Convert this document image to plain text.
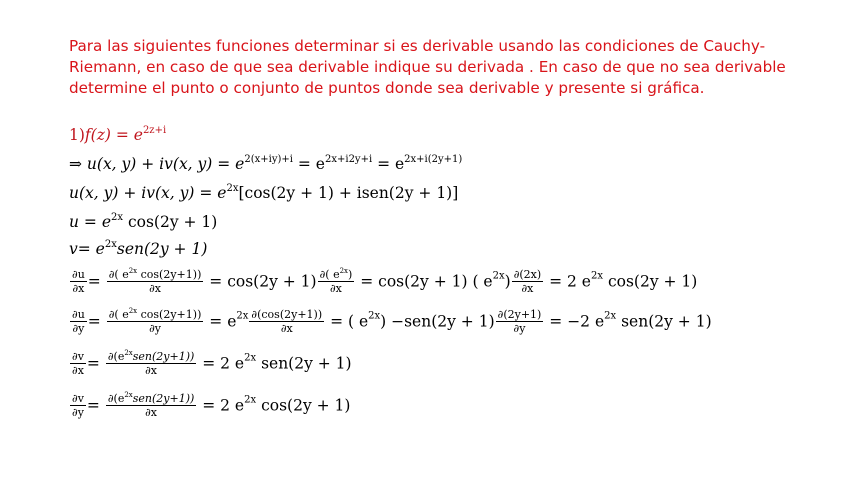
Para las siguientes funciones determinar si es derivable usando las condiciones de Cauchy-Riemann, en caso de que sea derivable indique su derivada . En caso de que no sea derivable determine el punto o conjunto de puntos donde sea derivable y presente si gráfica.

$1)f(z) = e^{2z+i}$
⇒ u(x, y) + iv(x, $y) = e^{2(x+iy)+i} = e^{2x+i2y+i} = e^{2x+i(2y+1)}$
u(x, y) + iv(x, $y) = e^{2x}[\cos(2y + 1)$ + isen(2y + 1)]
$u = e^{2x}$ cos(2y + 1)
$v= e^{2x}sen(2y + 1)$
$\frac{\partial u}{\partial x} = \frac{\partial( e^{2x} \cos(2y+1))}{\partial x} = \cos(2y + 1) \frac{\partial( e^{2x})}{\partial x} = \cos(2y + 1)$ ( $e^{2x}) \frac{\partial(2x)}{\partial x} = 2$ $e^{2x}$ cos(2y + 1)
$\frac{\partial u}{\partial y} = \frac{\partial( e^{2x} \cos(2y+1))}{\partial y} = e^{2x} \frac{\partial(\cos(2y+1))}{\partial x}$ = ( $e^{2x}) -sen(2y + 1) \frac{\partial(2y+1)}{\partial y} = -2$ $e^{2x}$ sen(2y + 1)
$\frac{\partial v}{\partial x} = \frac{\partial(e^{2x}sen(2y+1))}{\partial x} = 2$ $e^{2x}$ sen(2y + 1)
$\frac{\partial v}{\partial y} = \frac{\partial(e^{2x}sen(2y+1))}{\partial x} = 2$ $e^{2x}$ cos(2y + 1)
